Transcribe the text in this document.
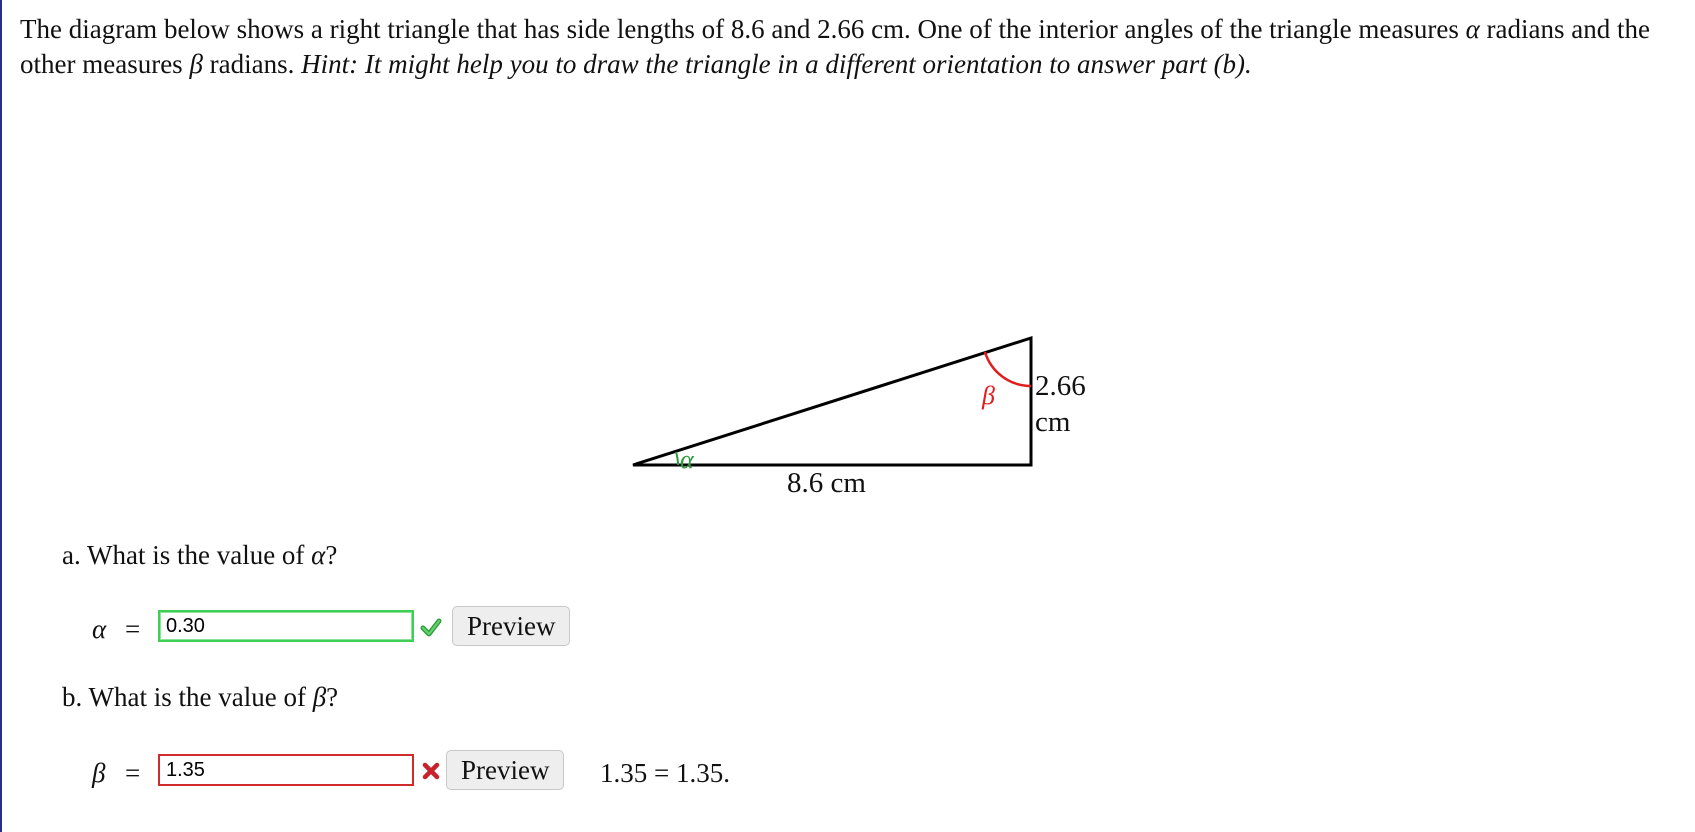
The diagram below shows a right triangle that has side lengths of 8.6 and 2.66 cm. One of the interior angles of the triangle measures α radians and the other measures β radians. Hint: It might help you to draw the triangle in a different orientation to answer part (b).
α
β 2.66
cm
8.6 cm
a. What is the value of α?
α =
0.30	Preview
b. What is the value of β?
β =
1.35	Preview	1.35 = 1.35.
